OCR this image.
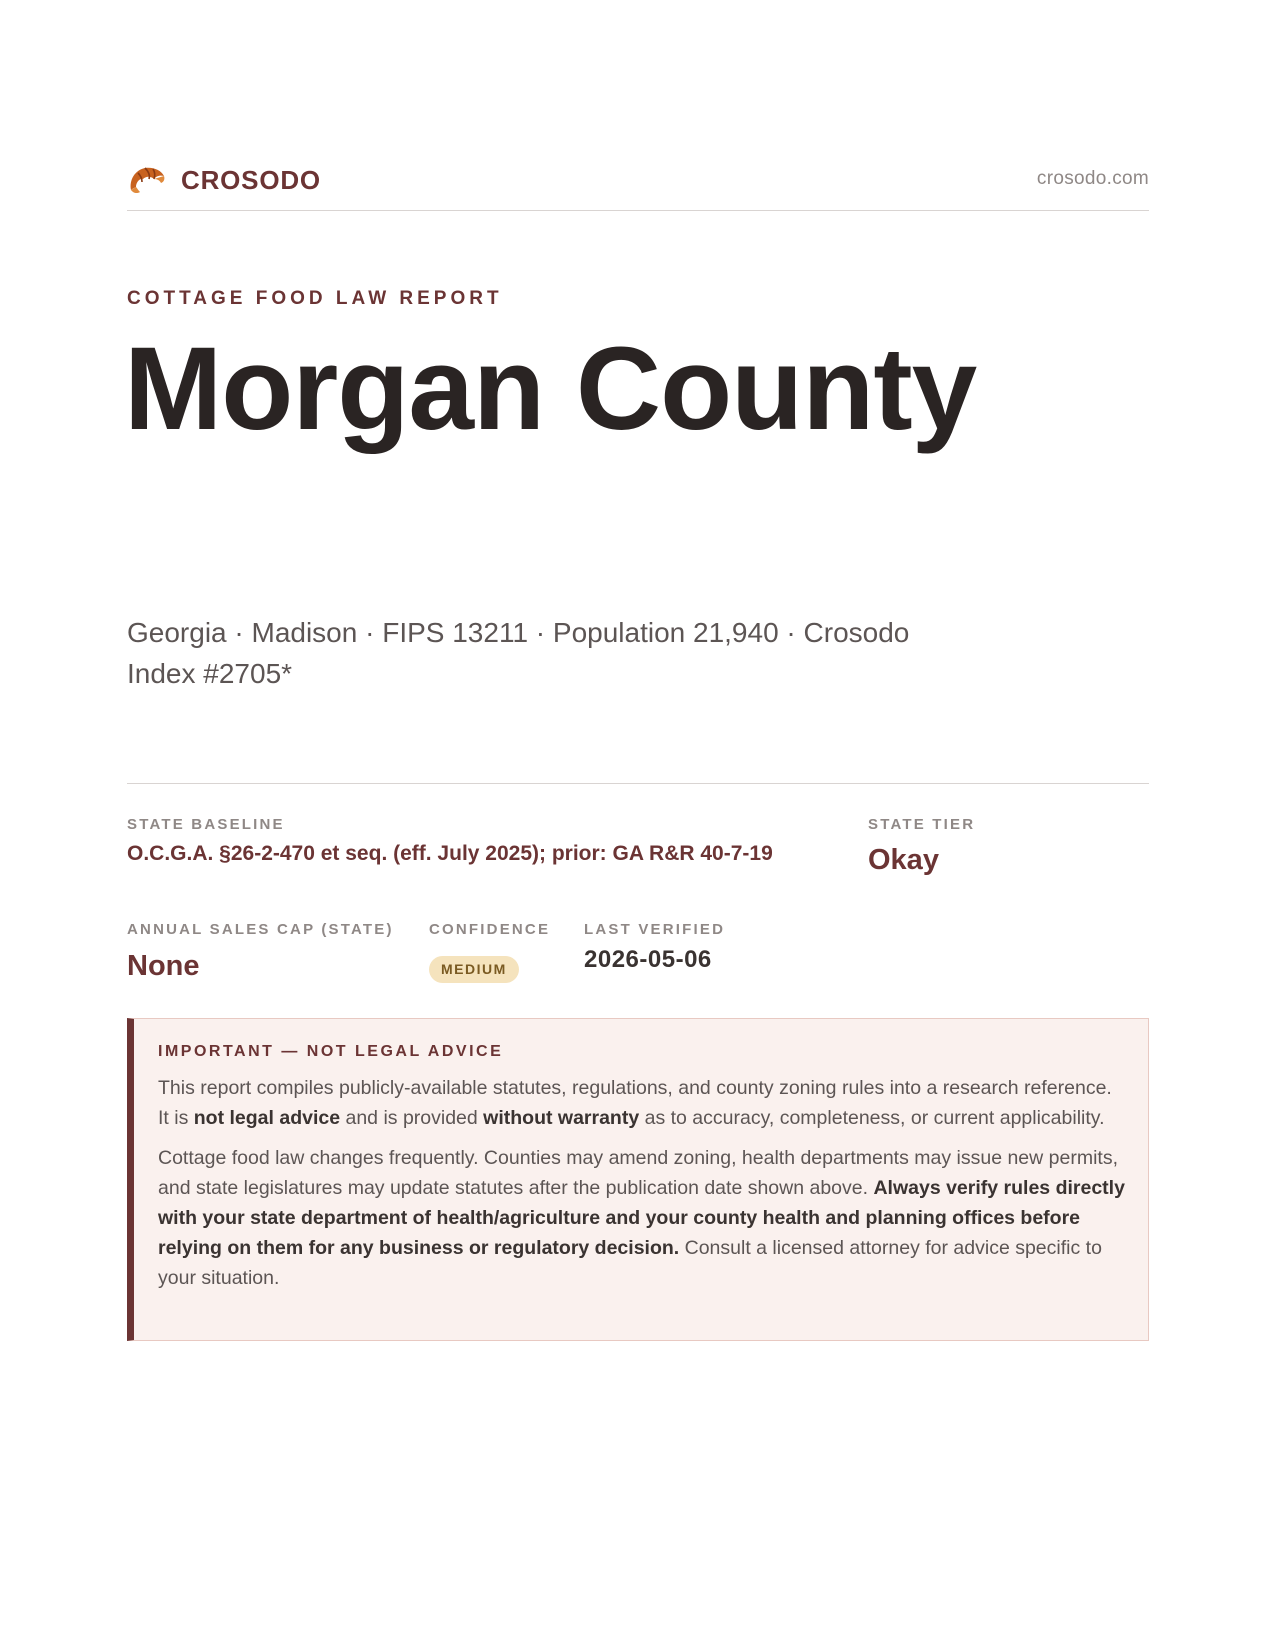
CROSODO	crosodo.com
COTTAGE FOOD LAW REPORT
Morgan County
Georgia · Madison · FIPS 13211 · Population 21,940 · Crosodo Index #2705*
STATE BASELINE
O.C.G.A. §26-2-470 et seq. (eff. July 2025); prior: GA R&R 40-7-19
STATE TIER
Okay
ANNUAL SALES CAP (STATE)
None
CONFIDENCE
MEDIUM
LAST VERIFIED
2026-05-06
IMPORTANT — NOT LEGAL ADVICE

This report compiles publicly-available statutes, regulations, and county zoning rules into a research reference. It is not legal advice and is provided without warranty as to accuracy, completeness, or current applicability.

Cottage food law changes frequently. Counties may amend zoning, health departments may issue new permits, and state legislatures may update statutes after the publication date shown above. Always verify rules directly with your state department of health/agriculture and your county health and planning offices before relying on them for any business or regulatory decision. Consult a licensed attorney for advice specific to your situation.
